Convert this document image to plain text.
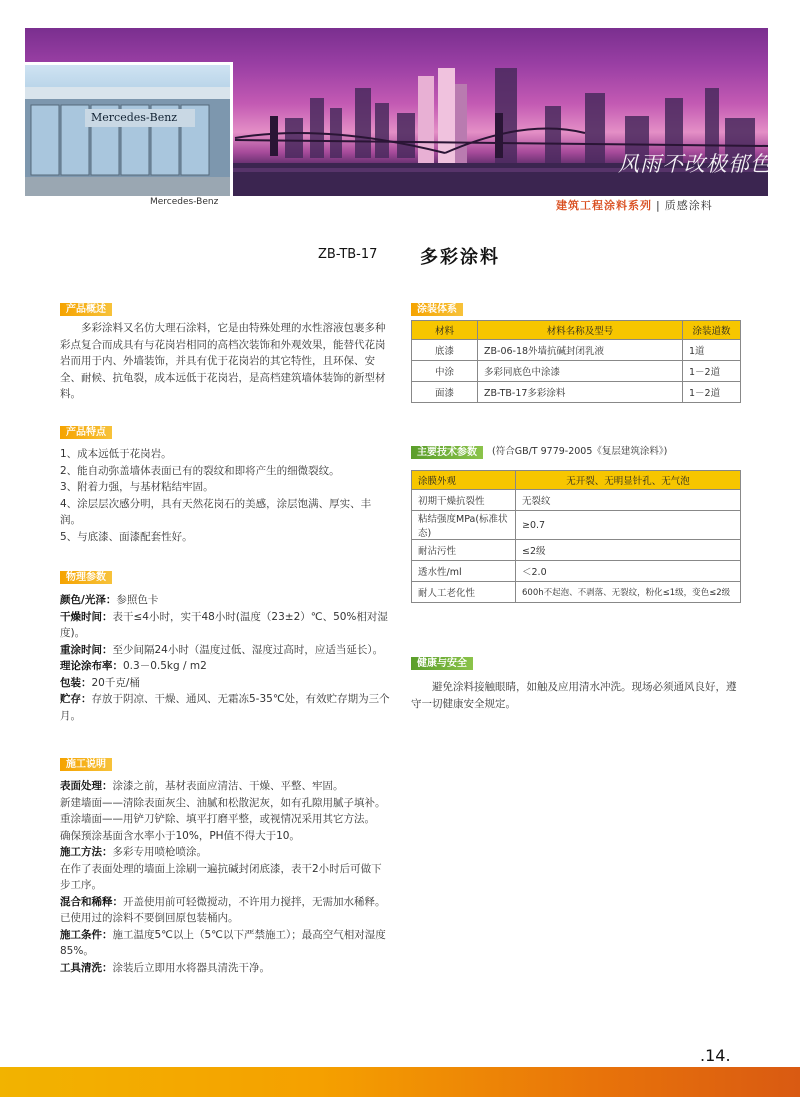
Mercedes-Benz
风雨不改极郁色
Mercedes-Benz	建筑工程涂料系列 | 质感涂料
ZB-TB-17 多彩涂料
产品概述
多彩涂料又名仿大理石涂料，它是由特殊处理的水性溶液包裹多种彩点复合而成具有与花岗岩相同的高档次装饰和外观效果，能替代花岗岩而用于内、外墙装饰，并具有优于花岗岩的其它特性，且环保、安全、耐候、抗龟裂，成本远低于花岗岩，是高档建筑墙体装饰的新型材料。
产品特点
1、成本远低于花岗岩。
2、能自动弥盖墙体表面已有的裂纹和即将产生的细微裂纹。
3、附着力强，与基材粘结牢固。
4、涂层层次感分明，具有天然花岗石的美感，涂层饱满、厚实、丰润。
5、与底漆、面漆配套性好。
物理参数
颜色/光泽：参照色卡
干燥时间：表干≤4小时，实干48小时(温度（23±2）℃、50%相对湿度)。
重涂时间：至少间隔24小时（温度过低、湿度过高时，应适当延长）。
理论涂布率：0.3－0.5kg / m2
包装：20千克/桶
贮存：存放于阴凉、干燥、通风、无霜冻5-35℃处，有效贮存期为三个月。
施工说明
表面处理：涂漆之前，基材表面应清洁、干燥、平整、牢固。
新建墙面——清除表面灰尘、油腻和松散泥灰，如有孔隙用腻子填补。
重涂墙面——用铲刀铲除、填平打磨平整，或视情况采用其它方法。
确保预涂基面含水率小于10%，PH值不得大于10。
施工方法：多彩专用喷枪喷涂。
在作了表面处理的墙面上涂刷一遍抗碱封闭底漆，表干2小时后可做下步工序。
混合和稀释：开盖使用前可轻微搅动，不许用力搅拌，无需加水稀释。已使用过的涂料不要倒回原包装桶内。
施工条件：施工温度5℃以上（5℃以下严禁施工）；最高空气相对湿度85%。
工具清洗：涂装后立即用水将器具清洗干净。
涂装体系
材料	材料名称及型号	涂装道数
底漆	ZB-06-18外墙抗碱封闭乳液	1道
中涂	多彩同底色中涂漆	1－2道
面漆	ZB-TB-17多彩涂料	1－2道
主要技术参数	(符合GB/T 9779-2005《复层建筑涂料》)
涂膜外观	无开裂、无明显针孔、无气泡
初期干燥抗裂性	无裂纹
粘结强度MPa(标准状态)	≥0.7
耐沾污性	≤2级
透水性/ml	＜2.0
耐人工老化性	600h不起泡、不剥落、无裂纹，粉化≤1级，变色≤2级
健康与安全
避免涂料接触眼睛，如触及应用清水冲洗。现场必须通风良好，遵守一切健康安全规定。
.14.
